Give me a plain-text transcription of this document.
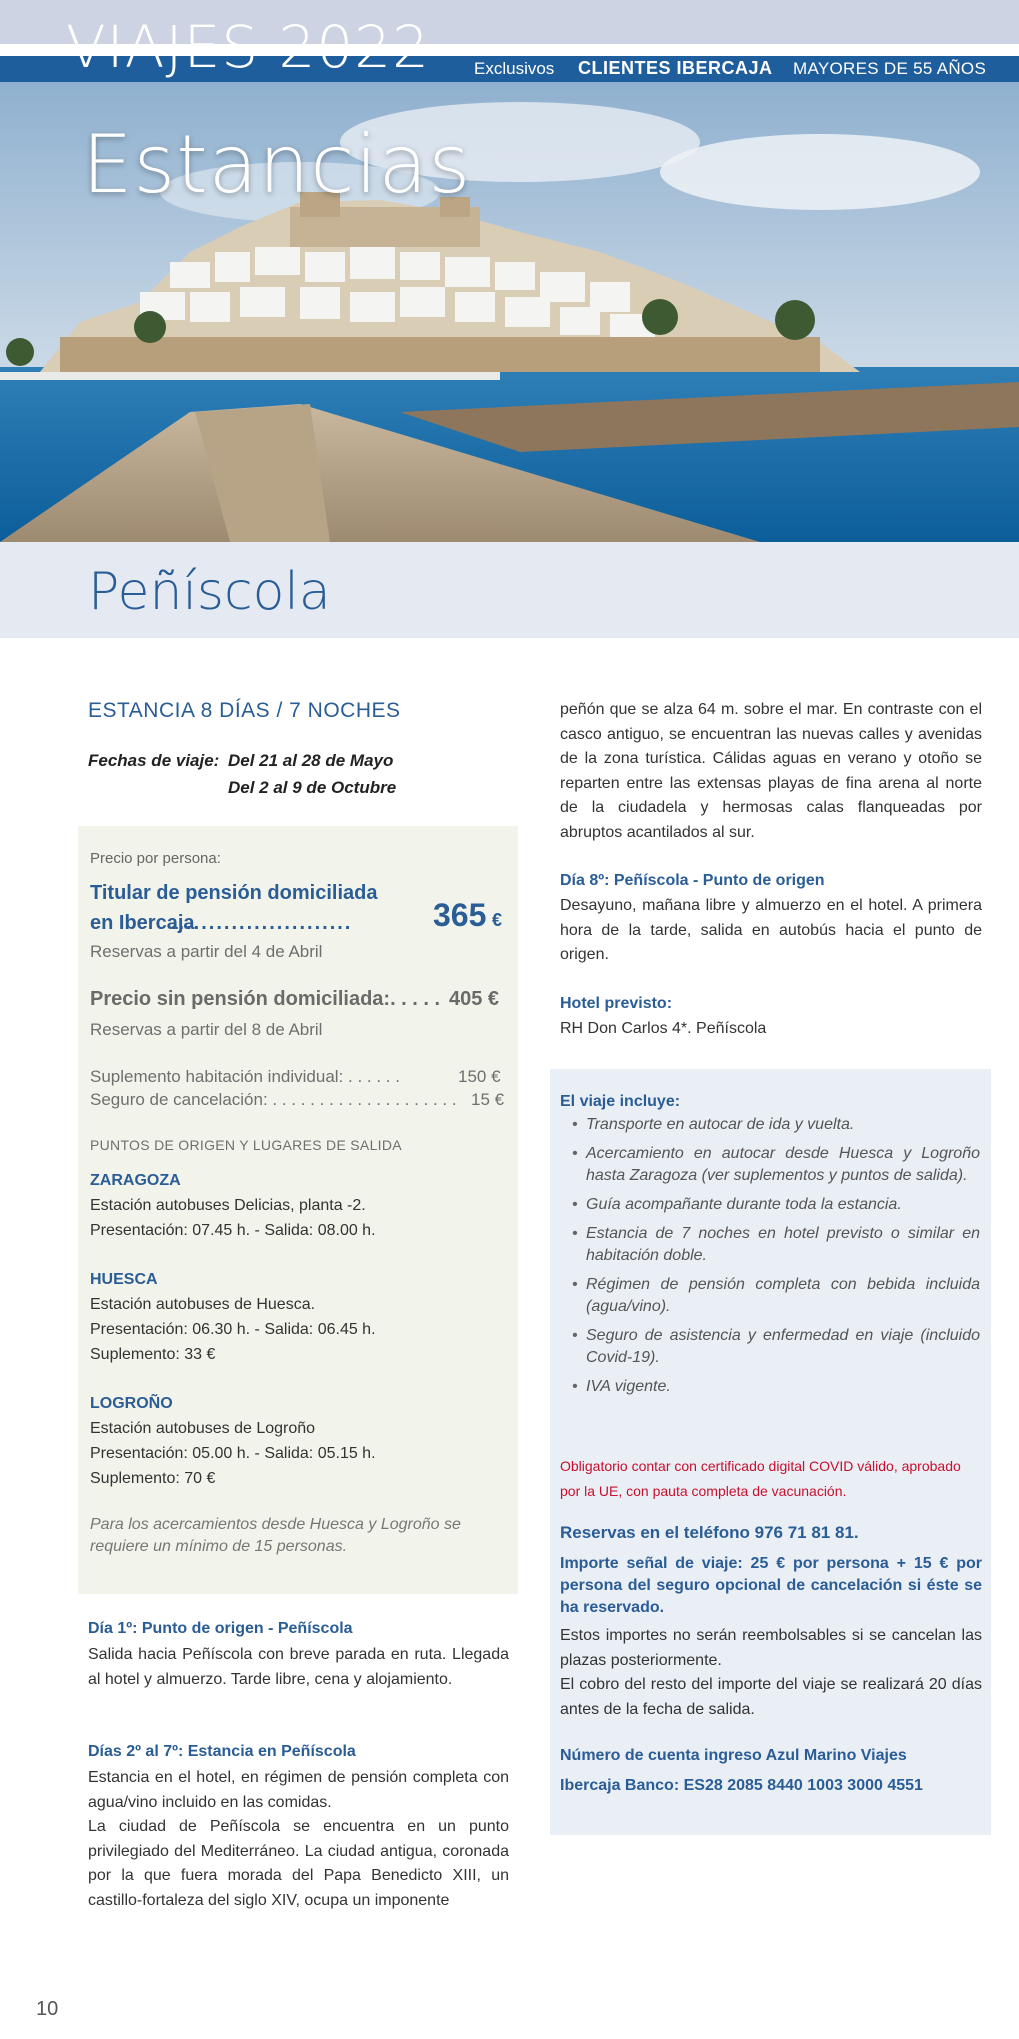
VIAJES 2022	Exclusivos CLIENTES IBERCAJA MAYORES DE 55 AÑOS
Estancias
Peñíscola
ESTANCIA 8 DÍAS / 7 NOCHES
Fechas de viaje: Del 21 al 28 de Mayo
Del 2 al 9 de Octubre
Precio por persona:
Titular de pensión domiciliada
en Ibercaja
........................	365 €
Reservas a partir del 4 de Abril
Precio sin pensión domiciliada:. . . . . 405 €
Reservas a partir del 8 de Abril
Suplemento habitación individual: . . . . . .	150 €
Seguro de cancelación: . . . . . . . . . . . . . . . . . . . . 15 €
PUNTOS DE ORIGEN Y LUGARES DE SALIDA
ZARAGOZA
Estación autobuses Delicias, planta -2.
Presentación: 07.45 h. - Salida: 08.00 h.
HUESCA
Estación autobuses de Huesca.
Presentación: 06.30 h. - Salida: 06.45 h.
Suplemento: 33 €
LOGROÑO
Estación autobuses de Logroño
Presentación: 05.00 h. - Salida: 05.15 h.
Suplemento: 70 €
Para los acercamientos desde Huesca y Logroño se requiere un mínimo de 15 personas.
Día 1º: Punto de origen - Peñíscola
Salida hacia Peñíscola con breve parada en ruta. Llegada al hotel y almuerzo. Tarde libre, cena y alojamiento.
Días 2º al 7º: Estancia en Peñíscola
Estancia en el hotel, en régimen de pensión completa con agua/vino incluido en las comidas.
La ciudad de Peñíscola se encuentra en un punto privilegiado del Mediterráneo. La ciudad antigua, coronada por la que fuera morada del Papa Benedicto XIII, un castillo-fortaleza del siglo XIV, ocupa un imponente
peñón que se alza 64 m. sobre el mar. En contraste con el casco antiguo, se encuentran las nuevas calles y avenidas de la zona turística. Cálidas aguas en verano y otoño se reparten entre las extensas playas de fina arena al norte de la ciudadela y hermosas calas flanqueadas por abruptos acantilados al sur.
Día 8º: Peñíscola - Punto de origen
Desayuno, mañana libre y almuerzo en el hotel. A primera hora de la tarde, salida en autobús hacia el punto de origen.
Hotel previsto:
RH Don Carlos 4*. Peñíscola
El viaje incluye:
• Transporte en autocar de ida y vuelta.
• Acercamiento en autocar desde Huesca y Logroño hasta Zaragoza (ver suplementos y puntos de salida).
• Guía acompañante durante toda la estancia.
• Estancia de 7 noches en hotel previsto o similar en habitación doble.
• Régimen de pensión completa con bebida incluida (agua/vino).
• Seguro de asistencia y enfermedad en viaje (incluido Covid-19).
• IVA vigente.
Obligatorio contar con certificado digital COVID válido, aprobado por la UE, con pauta completa de vacunación.
Reservas en el teléfono 976 71 81 81.
Importe señal de viaje: 25 € por persona + 15 € por persona del seguro opcional de cancelación si éste se ha reservado.
Estos importes no serán reembolsables si se cancelan las plazas posteriormente.
El cobro del resto del importe del viaje se realizará 20 días antes de la fecha de salida.
Número de cuenta ingreso Azul Marino Viajes
Ibercaja Banco: ES28 2085 8440 1003 3000 4551
10
